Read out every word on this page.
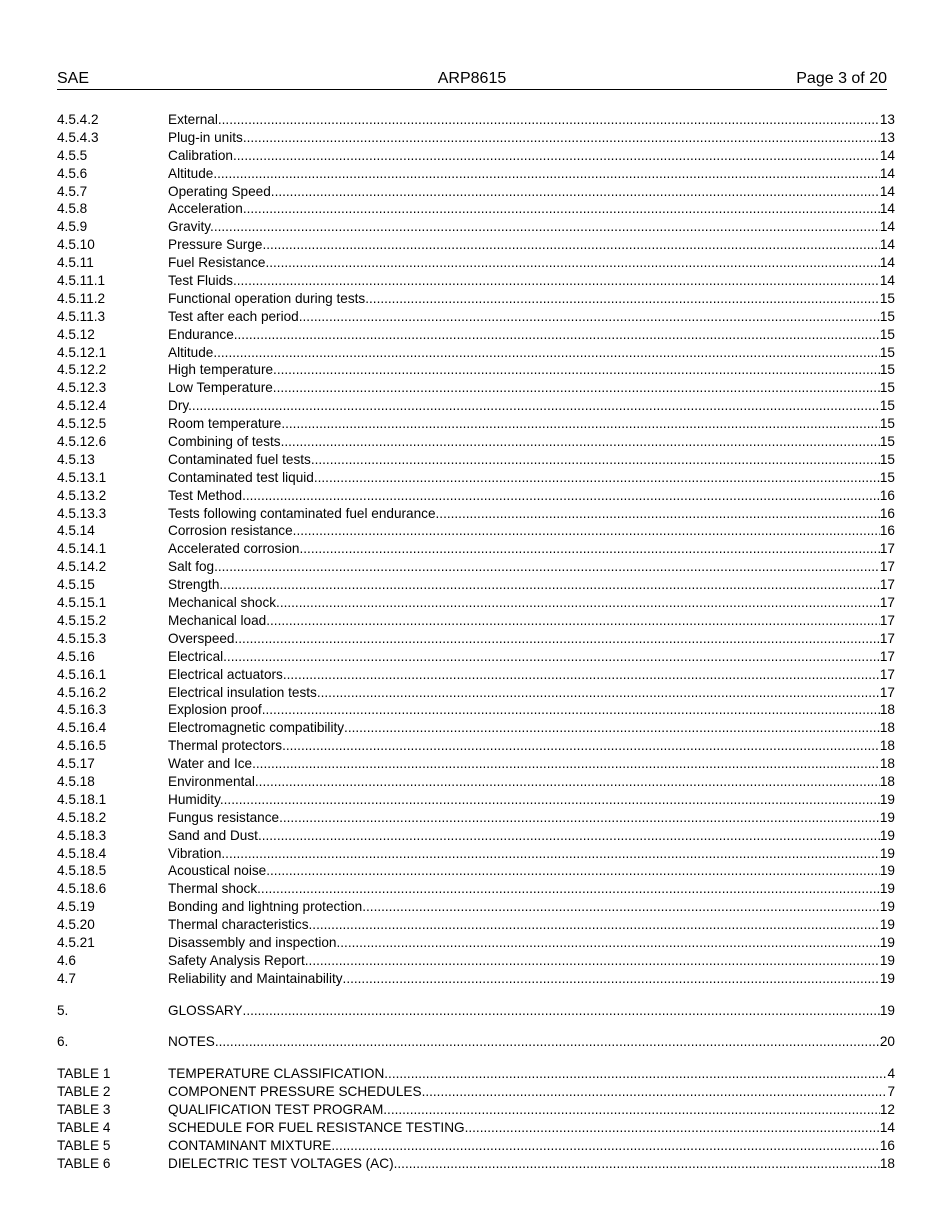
SAE	ARP8615	Page 3 of 20
4.5.4.2	External .....	13
4.5.4.3	Plug-in units .....	13
4.5.5	Calibration .....	14
4.5.6	Altitude .....	14
4.5.7	Operating Speed. .....	14
4.5.8	Acceleration .....	14
4.5.9	Gravity. .....	14
4.5.10	Pressure Surge .....	14
4.5.11	Fuel Resistance .....	14
4.5.11.1	Test Fluids .....	14
4.5.11.2	Functional operation during tests. .....	15
4.5.11.3	Test after each period. .....	15
4.5.12	Endurance. .....	15
4.5.12.1	Altitude. .....	15
4.5.12.2	High temperature. .....	15
4.5.12.3	Low Temperature. .....	15
4.5.12.4	Dry. .....	15
4.5.12.5	Room temperature. .....	15
4.5.12.6	Combining of tests .....	15
4.5.13	Contaminated fuel tests .....	15
4.5.13.1	Contaminated test liquid .....	15
4.5.13.2	Test Method .....	16
4.5.13.3	Tests following contaminated fuel endurance .....	16
4.5.14	Corrosion resistance .....	16
4.5.14.1	Accelerated corrosion .....	17
4.5.14.2	Salt fog. .....	17
4.5.15	Strength .....	17
4.5.15.1	Mechanical shock .....	17
4.5.15.2	Mechanical load .....	17
4.5.15.3	Overspeed .....	17
4.5.16	Electrical. .....	17
4.5.16.1	Electrical actuators .....	17
4.5.16.2	Electrical insulation tests .....	17
4.5.16.3	Explosion proof .....	18
4.5.16.4	Electromagnetic compatibility .....	18
4.5.16.5	Thermal protectors .....	18
4.5.17	Water and Ice .....	18
4.5.18	Environmental .....	18
4.5.18.1	Humidity. .....	19
4.5.18.2	Fungus resistance .....	19
4.5.18.3	Sand and Dust .....	19
4.5.18.4	Vibration .....	19
4.5.18.5	Acoustical noise .....	19
4.5.18.6	Thermal shock .....	19
4.5.19	Bonding and lightning protection .....	19
4.5.20	Thermal characteristics .....	19
4.5.21	Disassembly and inspection .....	19
4.6	Safety Analysis Report .....	19
4.7	Reliability and Maintainability .....	19
5.	GLOSSARY .....	19
6.	NOTES .....	20
TABLE 1	TEMPERATURE CLASSIFICATION .....	4
TABLE 2	COMPONENT PRESSURE SCHEDULES .....	7
TABLE 3	QUALIFICATION TEST PROGRAM .....	12
TABLE 4	SCHEDULE FOR FUEL RESISTANCE TESTING .....	14
TABLE 5	CONTAMINANT MIXTURE .....	16
TABLE 6	DIELECTRIC TEST VOLTAGES (AC) .....	18
